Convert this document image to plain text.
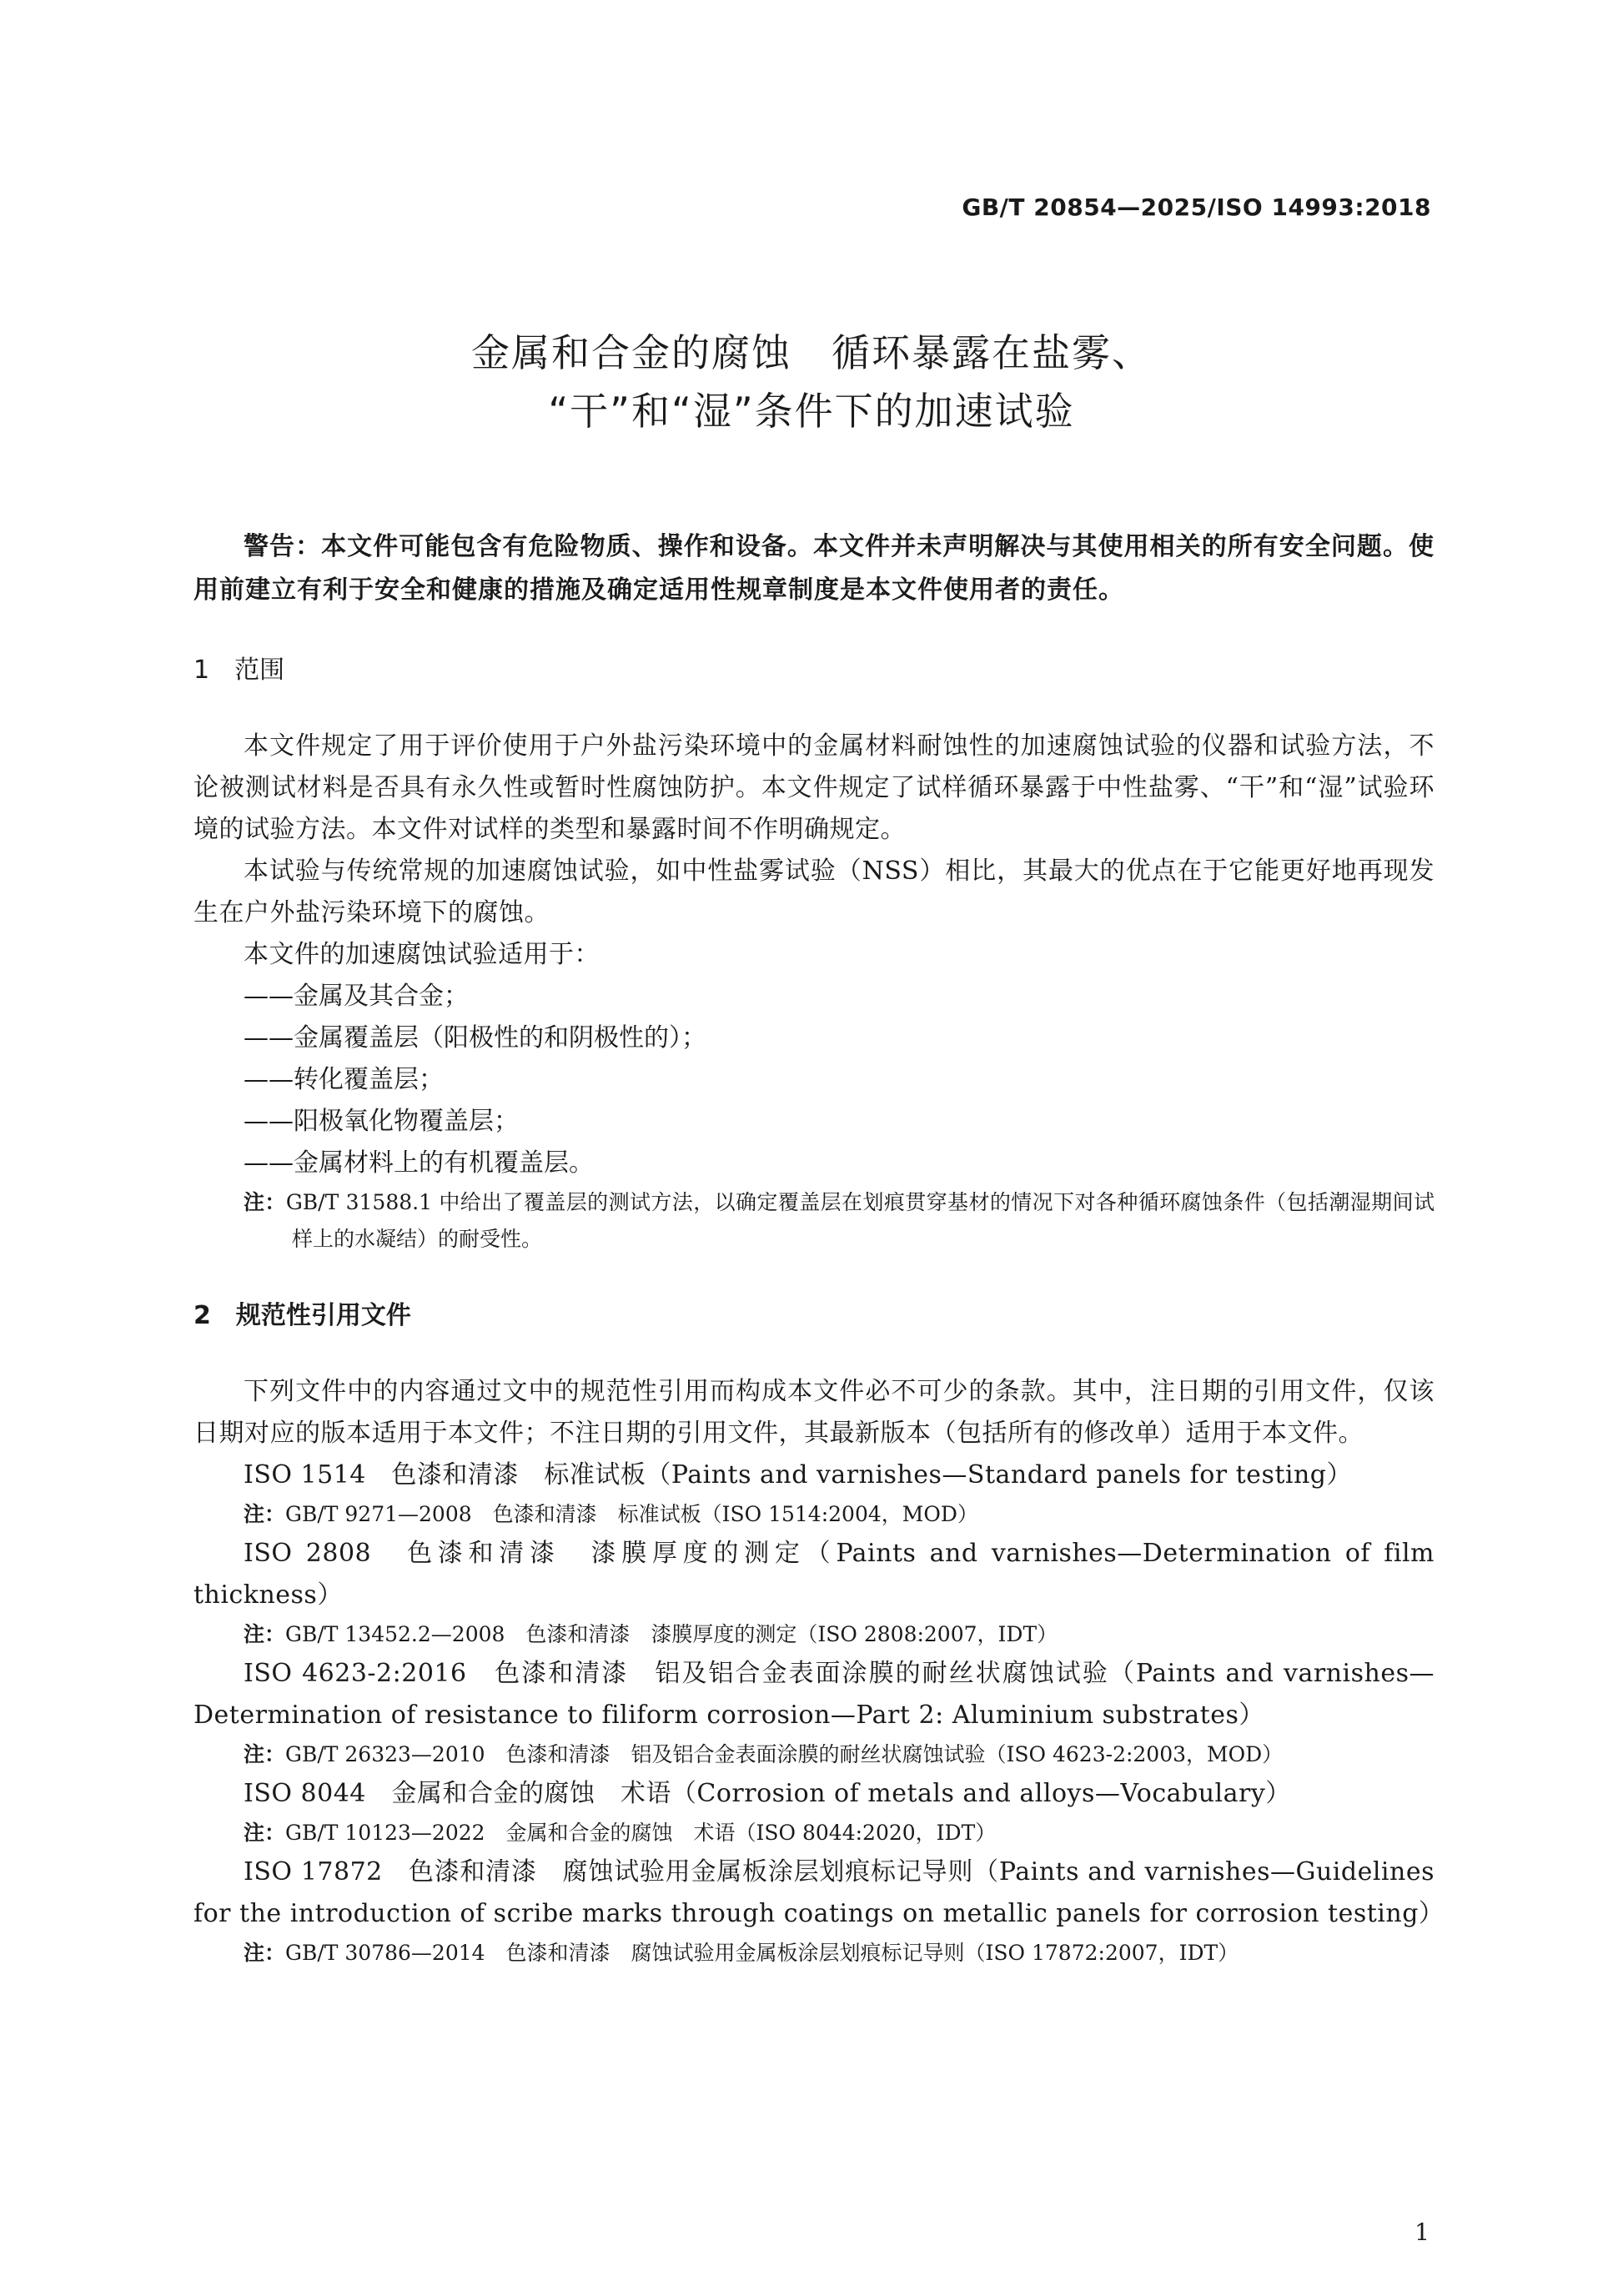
GB/T 20854—2025/ISO 14993:2018
金属和合金的腐蚀　循环暴露在盐雾、
“干”和“湿”条件下的加速试验

警告：本文件可能包含有危险物质、操作和设备。本文件并未声明解决与其使用相关的所有安全问题。使用前建立有利于安全和健康的措施及确定适用性规章制度是本文件使用者的责任。

1　范围

本文件规定了用于评价使用于户外盐污染环境中的金属材料耐蚀性的加速腐蚀试验的仪器和试验方法，不论被测试材料是否具有永久性或暂时性腐蚀防护。本文件规定了试样循环暴露于中性盐雾、“干”和“湿”试验环境的试验方法。本文件对试样的类型和暴露时间不作明确规定。

本试验与传统常规的加速腐蚀试验，如中性盐雾试验（NSS）相比，其最大的优点在于它能更好地再现发生在户外盐污染环境下的腐蚀。

本文件的加速腐蚀试验适用于：

——金属及其合金；

——金属覆盖层（阳极性的和阴极性的）；

——转化覆盖层；

——阳极氧化物覆盖层；

——金属材料上的有机覆盖层。

注：GB/T 31588.1 中给出了覆盖层的测试方法，以确定覆盖层在划痕贯穿基材的情况下对各种循环腐蚀条件（包括潮湿期间试样上的水凝结）的耐受性。

2　规范性引用文件

下列文件中的内容通过文中的规范性引用而构成本文件必不可少的条款。其中，注日期的引用文件，仅该日期对应的版本适用于本文件；不注日期的引用文件，其最新版本（包括所有的修改单）适用于本文件。

ISO 1514　色漆和清漆　标准试板（Paints and varnishes—Standard panels for testing）

注：GB/T 9271—2008　色漆和清漆　标准试板（ISO 1514:2004，MOD）

ISO 2808　色漆和清漆　漆膜厚度的测定（Paints and varnishes—Determination of film thickness）

注：GB/T 13452.2—2008　色漆和清漆　漆膜厚度的测定（ISO 2808:2007，IDT）

ISO 4623-2:2016　色漆和清漆　铝及铝合金表面涂膜的耐丝状腐蚀试验（Paints and varnishes—Determination of resistance to filiform corrosion—Part 2: Aluminium substrates）

注：GB/T 26323—2010　色漆和清漆　铝及铝合金表面涂膜的耐丝状腐蚀试验（ISO 4623-2:2003，MOD）

ISO 8044　金属和合金的腐蚀　术语（Corrosion of metals and alloys—Vocabulary）

注：GB/T 10123—2022　金属和合金的腐蚀　术语（ISO 8044:2020，IDT）

ISO 17872　色漆和清漆　腐蚀试验用金属板涂层划痕标记导则（Paints and varnishes—Guidelines for the introduction of scribe marks through coatings on metallic panels for corrosion testing）

注：GB/T 30786—2014　色漆和清漆　腐蚀试验用金属板涂层划痕标记导则（ISO 17872:2007，IDT）

1
